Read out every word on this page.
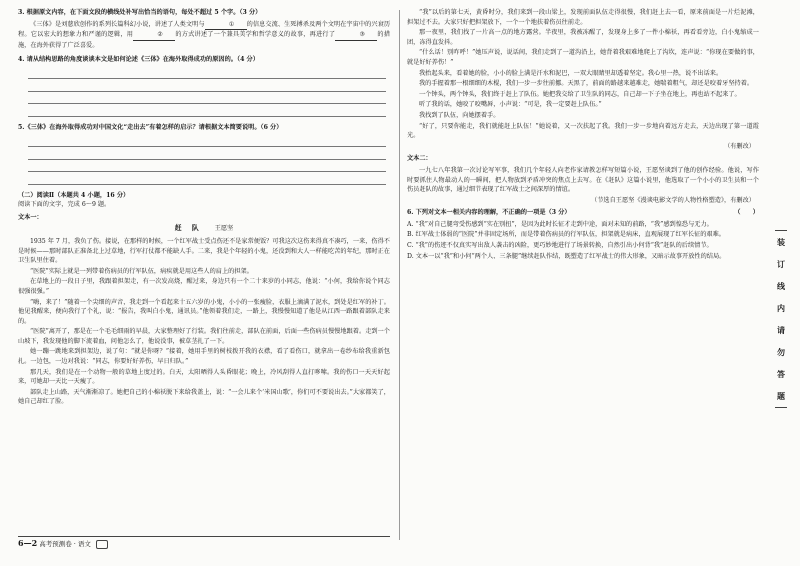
3. 根据原文内容，在下面文段的横线处补写出恰当的语句，每处不超过 5 个字。（3 分）
《三体》是刘慈欣创作的系列长篇科幻小说，讲述了人类文明与	① 的信息交流、生死搏杀及两个文明在宇宙中的兴衰历程。它以宏大的想象力和严谨的逻辑，用	② 的方式讲述了一个兼具美学和哲学意义的故事，再进行了	③ 的措施，在海外获得了广泛喜爱。
4. 请从结构思路的角度谈谈本文是如何论述《三体》在海外取得成功的原因的。（4 分）
5.《三体》在海外取得成功对中国文化“走出去”有着怎样的启示？请根据文本简要说明。（6 分）
（二）阅读Ⅱ（本题共 4 小题，16 分）
阅读下面的文字，完成 6～9 题。
文本一：
赶 队 王愿坚
1935 年 7 月，我负了伤。接说，在那样的时候，一个红军战士受点伤还不是家常便饭？可我这次这伤来得真不凑巧，一来，伤得不是时候——那时部队正准备北上过草地，行军打仗都不能缺人手。二来，我是个年轻的小鬼，还没到和大人一样能吃苦的年纪，那时正在卫生队里住着。
“医院”实际上就是一列带着伤病员的行军队伍，病疾就是用这些人的肩上的担架。
在草地上的一段日子里，我跟着担架走，有一次发高烧，醒过来，身边只有一个二十来岁的小同志，他说：“小何，我给你说个同志很强很强。”
“嗨，来了！”随着一个尖细的声音，我走到一个看起来十五六岁的小鬼，小小的一张瘦脸，衣服上滴满了泥水，到处是红军的补丁。他见我醒来，便向我行了个礼，说：“报告，我叫白小鬼，通讯员。”他领着我们走，一路上，我慢慢知道了他是从江西一路跟着部队走来的。
“医院”离开了，那是在一个毛毛细雨的早晨，大家整理好了行装。我们往前走，部队在前面，后面一些伤病员慢慢地跟着。走到一个山坡下，我发现他的脚下流着血，问他怎么了，他说没事，被草茎扎了一下。
她一蹦一跳地来到担架边，说了句：“就是你呀？”接着，她用手里的树枝拨开我的衣襟，看了看伤口，就拿出一卷纱布给我重新包扎。一边包，一边对我说：“同志，你要好好养伤，早日归队。”
那几天，我们是在一个动物一般的草地上度过的。白天，太阳晒得人头昏眼花；晚上，冷风刮得人直打哆嗦。我的伤口一天天好起来，可她却一天比一天瘦了。
部队走上山路，天气渐渐凉了。她把自己的小棉袄脱下来给我盖上，说：“一会儿来个‘米国山歌’，你们可不要说出去。”大家都笑了，她自己却红了脸。
6—2 高考预测卷 · 语文
“我”以后的第七天，黄昏时分，我们来到一段山梁上，发现前面队伍走得很慢，我们赶上去一看，原来前面是一片烂泥滩，担架过不去。大家只好把担架放下，一个一个地扶着伤员往前走。
那一夜里，我们找了一片高一点的地方露营。半夜里，我被冻醒了，发现身上多了一件小棉袄，再看看旁边，白小鬼缩成一团，冻得直发抖。
“什么话！别咋呼！”她压声说，说话间，我们走到了一道沟沿上，她背着我艰难地爬上了沟坎，连声说：“你现在要做的事，就是好好养伤！”
我抬起头来，看着她的脸，小小的脸上满是汗水和泥巴，一双大眼睛里却透着坚定。我心里一热，说不出话来。
我的手握着那一根细细的木棍，我们一步一步往前挪。天黑了，前面的路越来越难走，她喘着粗气，却还是咬着牙坚持着。
一个钟头，两个钟头，我们终于赶上了队伍。她把我交给了卫生队的同志，自己却一下子坐在地上，再也站不起来了。
听了我的话，她咬了咬嘴唇，小声说：“可是，我一定要赶上队伍。”
我找到了队伍，向她摆着手。
“好了，只要你能走，我们就能赶上队伍！”她说着，又一次扶起了我。我们一步一步地向着远方走去，天边出现了第一道霞光。
（有删改）
文本二：
一九七八年我第一次讨论写军事，我们几个年轻人向老作家请教怎样写短篇小说，王愿坚谈到了他的创作经验。他说，写作时要抓住人物最动人的一瞬间，把人物放到矛盾冲突的焦点上去写。在《赶队》这篇小说里，他选取了一个小小的卫生员和一个伤员赶队的故事，通过细节表现了红军战士之间深厚的情谊。
（节选自王愿坚《漫谈电影文学的人物性格塑造》，有删改）
6. 下列对文本一相关内容的理解，不正确的一项是（3 分）	（　　）
A. “我”对自己腿弯受伤感到“实在别扭”，是因为此时长征才走到中途，面对未知的前路，“我”感到惶恐与无力。
B. 红军战士体弱的“医院”并非固定场所，而是带着伤病员的行军队伍，担架就是病床，直观展现了红军长征的艰难。
C. “我”的伤迹不仅真实写出敌人袭击的凶险，更巧妙地进行了场景转换，自然引出小何背“我”赶队的后续情节。
D. 文本一以“我”和小何“两个人、三条腿”继续赶队作结，既塑造了红军战士的伟大形象，又暗示故事开放性的结局。
装
订
线
内
请
勿
答
题
